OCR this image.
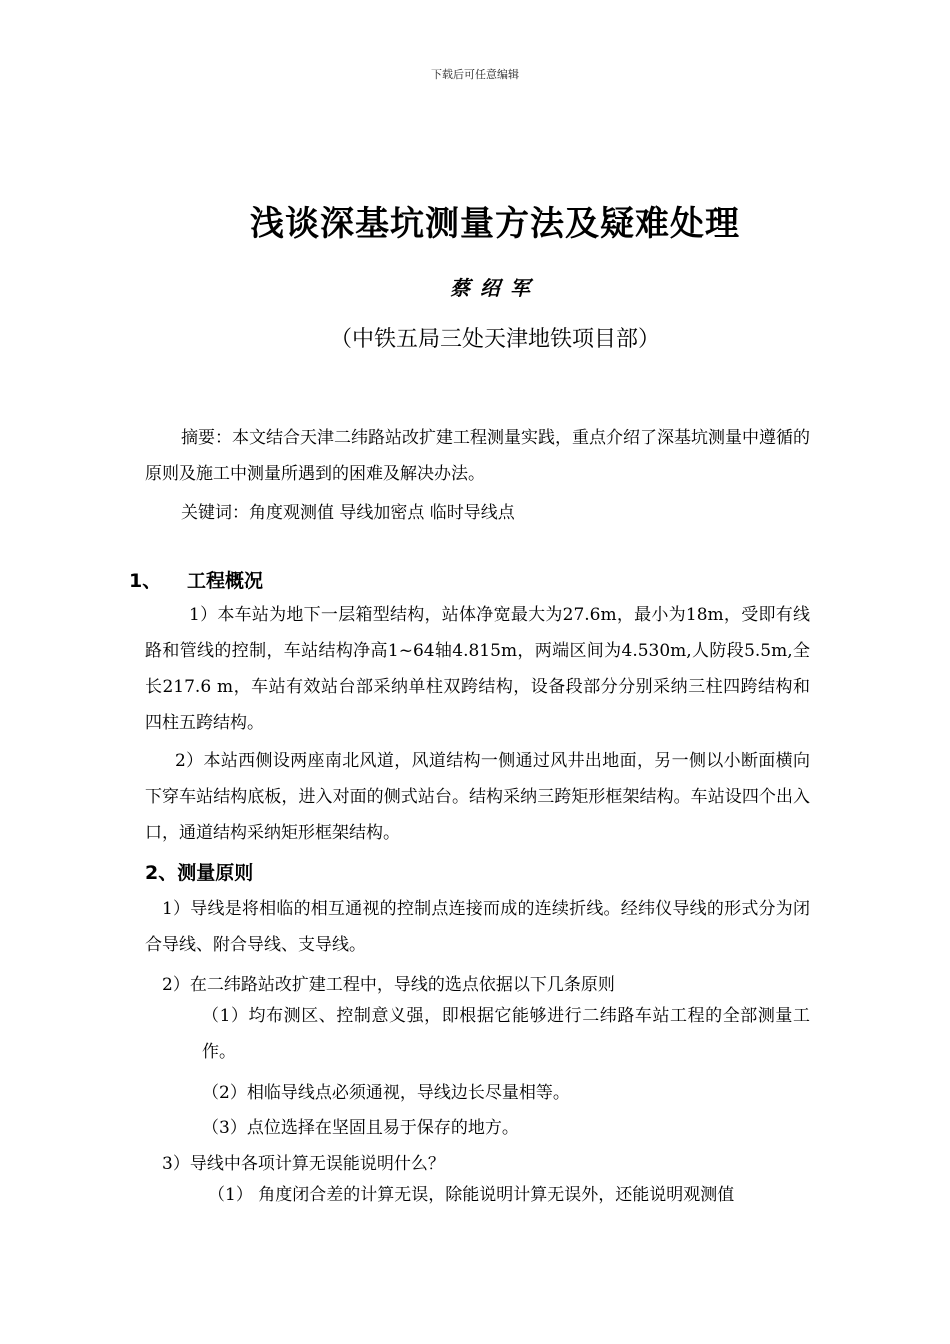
下载后可任意编辑
浅谈深基坑测量方法及疑难处理
蔡绍军
（中铁五局三处天津地铁项目部）
摘要：本文结合天津二纬路站改扩建工程测量实践，重点介绍了深基坑测量中遵循的原则及施工中测量所遇到的困难及解决办法。
关键词：角度观测值 导线加密点 临时导线点
1、 工程概况
1）本车站为地下一层箱型结构，站体净宽最大为27.6m，最小为18m，受即有线路和管线的控制，车站结构净高1~64轴4.815m，两端区间为4.530m,人防段5.5m,全长217.6 m，车站有效站台部采纳单柱双跨结构，设备段部分分别采纳三柱四跨结构和四柱五跨结构。
2）本站西侧设两座南北风道，风道结构一侧通过风井出地面，另一侧以小断面横向下穿车站结构底板，进入对面的侧式站台。结构采纳三跨矩形框架结构。车站设四个出入口，通道结构采纳矩形框架结构。
2、测量原则
1）导线是将相临的相互通视的控制点连接而成的连续折线。经纬仪导线的形式分为闭合导线、附合导线、支导线。
2）在二纬路站改扩建工程中，导线的选点依据以下几条原则
（1）均布测区、控制意义强，即根据它能够进行二纬路车站工程的全部测量工作。
（2）相临导线点必须通视，导线边长尽量相等。
（3）点位选择在坚固且易于保存的地方。
3）导线中各项计算无误能说明什么？
（1） 角度闭合差的计算无误，除能说明计算无误外，还能说明观测值
